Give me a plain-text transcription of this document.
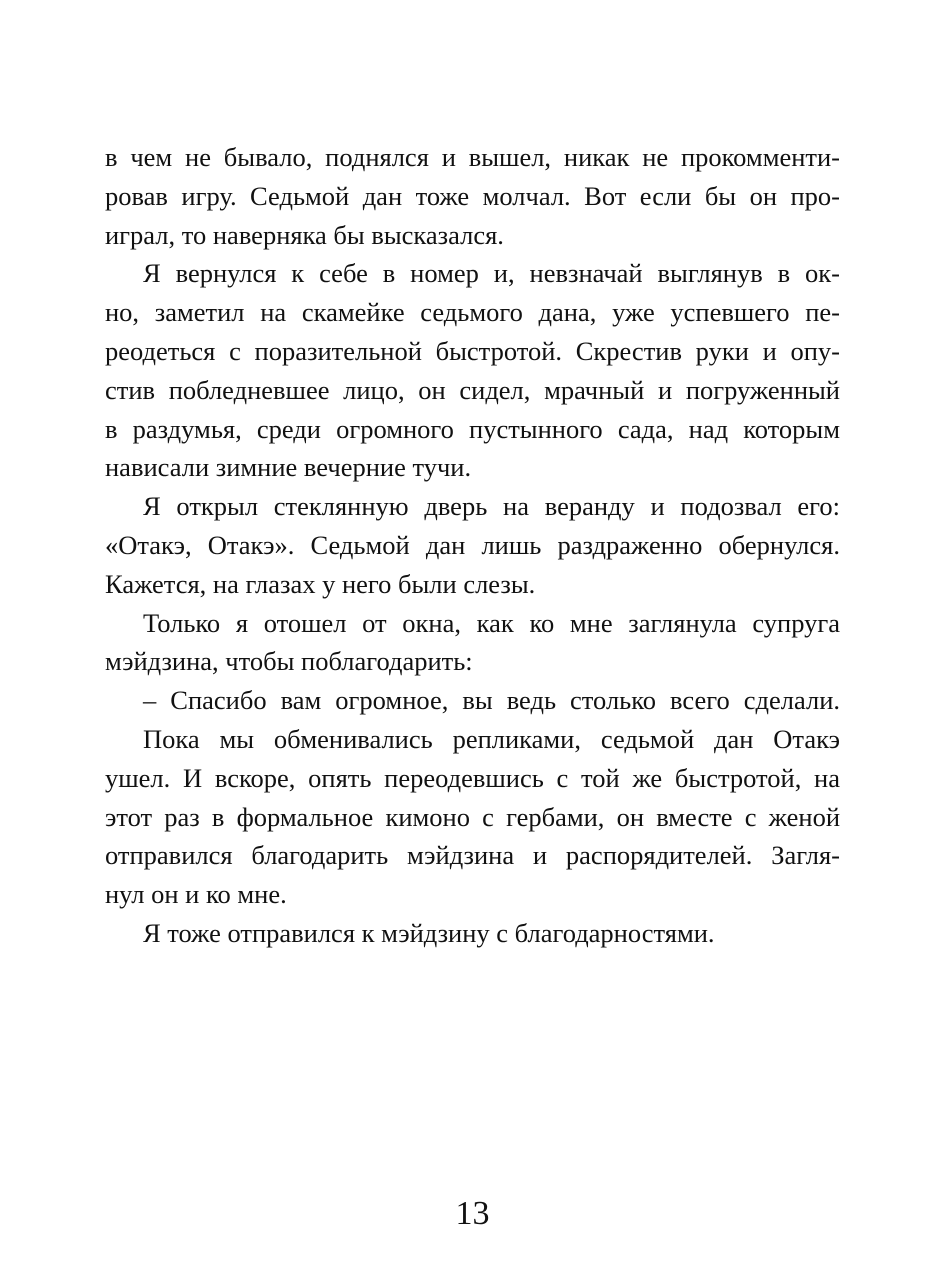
в чем не бывало, поднялся и вышел, никак не прокомменти-
ровав игру. Седьмой дан тоже молчал. Вот если бы он про-
играл, то наверняка бы высказался.
Я вернулся к себе в номер и, невзначай выглянув в ок-
но, заметил на скамейке седьмого дана, уже успевшего пе-
реодеться с поразительной быстротой. Скрестив руки и опу-
стив побледневшее лицо, он сидел, мрачный и погруженный
в раздумья, среди огромного пустынного сада, над которым
нависали зимние вечерние тучи.
Я открыл стеклянную дверь на веранду и подозвал его:
«Отакэ, Отакэ». Седьмой дан лишь раздраженно обернулся.
Кажется, на глазах у него были слезы.
Только я отошел от окна, как ко мне заглянула супруга
мэйдзина, чтобы поблагодарить:
– Спасибо вам огромное, вы ведь столько всего сделали.
Пока мы обменивались репликами, седьмой дан Отакэ
ушел. И вскоре, опять переодевшись с той же быстротой, на
этот раз в формальное кимоно с гербами, он вместе с женой
отправился благодарить мэйдзина и распорядителей. Загля-
нул он и ко мне.
Я тоже отправился к мэйдзину с благодарностями.
13
